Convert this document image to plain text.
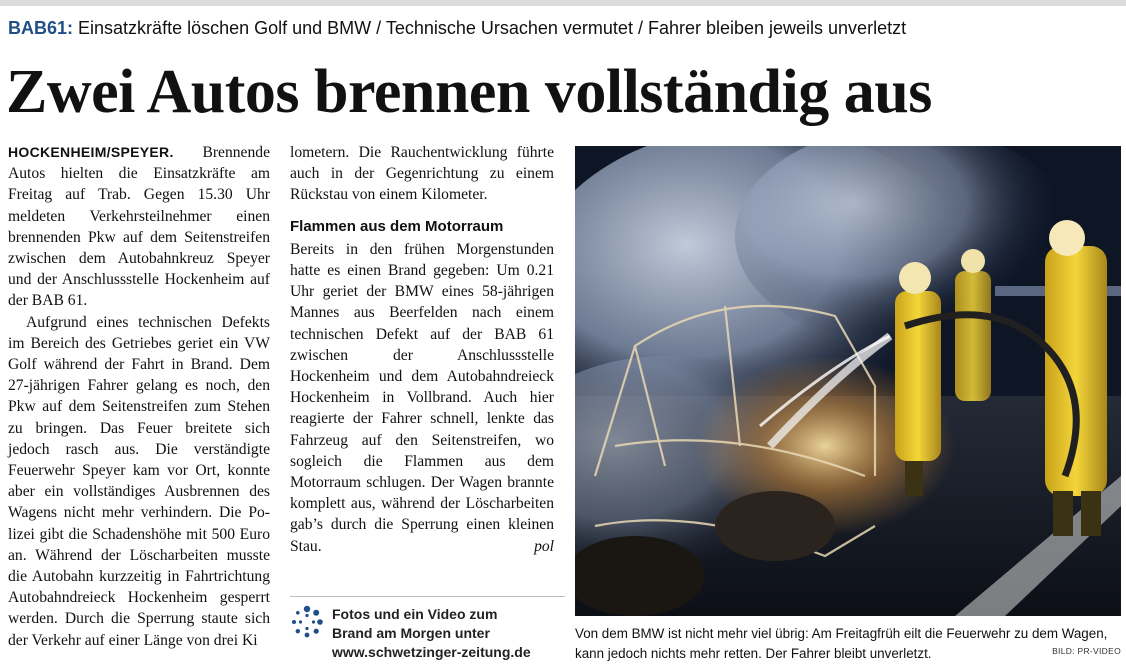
BAB61: Einsatzkräfte löschen Golf und BMW / Technische Ursachen vermutet / Fahrer bleiben jeweils unverletzt
Zwei Autos brennen vollständig aus

HOCKENHEIM/SPEYER. Brennende Autos hielten die Einsatzkräfte am Freitag auf Trab. Gegen 15.30 Uhr meldeten Verkehrsteilnehmer einen brennenden Pkw auf dem Seitenstreifen zwischen dem Autobahnkreuz Speyer und der Anschlussstelle Hockenheim auf der BAB 61.

Aufgrund eines technischen Defekts im Bereich des Getriebes geriet ein VW Golf während der Fahrt in Brand. Dem 27-jährigen Fahrer gelang es noch, den Pkw auf dem Seitenstreifen zum Stehen zu bringen. Das Feuer breitete sich jedoch rasch aus. Die verständigte Feuerwehr Speyer kam vor Ort, konnte aber ein vollständiges Ausbrennen des Wagens nicht mehr verhindern. Die Polizei gibt die Schadenshöhe mit 500 Euro an. Während der Löscharbeiten musste die Autobahn kurzzeitig in Fahrtrichtung Autobahndreieck Hockenheim gesperrt werden. Durch die Sperrung staute sich der Verkehr auf einer Länge von drei Ki

lometern. Die Rauchentwicklung führte auch in der Gegenrichtung zu einem Rückstau von einem Kilometer.

Flammen aus dem Motorraum

Bereits in den frühen Morgenstunden hatte es einen Brand gegeben: Um 0.21 Uhr geriet der BMW eines 58-jährigen Mannes aus Beerfelden nach einem technischen Defekt auf der BAB 61 zwischen der Anschlussstelle Hockenheim und dem Autobahndreieck Hockenheim in Vollbrand. Auch hier reagierte der Fahrer schnell, lenkte das Fahrzeug auf den Seitenstreifen, wo sogleich die Flammen aus dem Motorraum schlugen. Der Wagen brannte komplett aus, während der Löscharbeiten gab’s durch die Sperrung einen kleinen Stau.	pol
Fotos und ein Video zum
Brand am Morgen unter
www.schwetzinger-zeitung.de
Von dem BMW ist nicht mehr viel übrig: Am Freitagfrüh eilt die Feuerwehr zu dem Wagen, kann jedoch nichts mehr retten. Der Fahrer bleibt unverletzt.	BILD: PR-VIDEO
